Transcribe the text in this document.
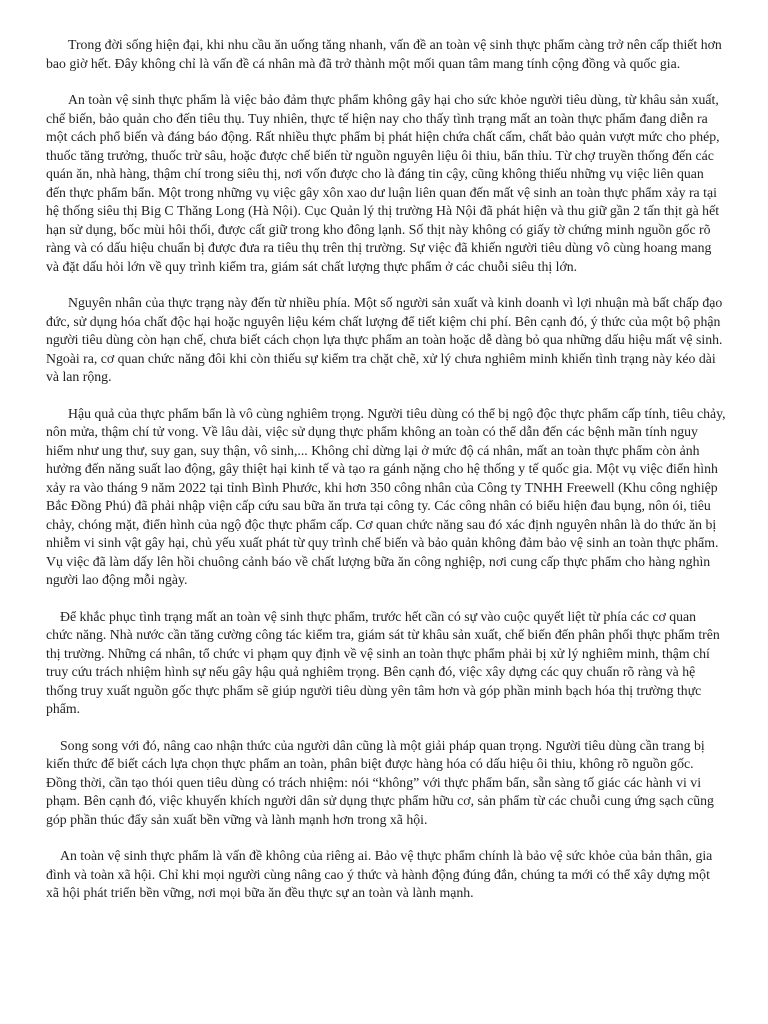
Trong đời sống hiện đại, khi nhu cầu ăn uống tăng nhanh, vấn đề an toàn vệ sinh thực phẩm càng trở nên cấp thiết hơn bao giờ hết. Đây không chỉ là vấn đề cá nhân mà đã trở thành một mối quan tâm mang tính cộng đồng và quốc gia.

An toàn vệ sinh thực phẩm là việc bảo đảm thực phẩm không gây hại cho sức khỏe người tiêu dùng, từ khâu sản xuất, chế biến, bảo quản cho đến tiêu thụ. Tuy nhiên, thực tế hiện nay cho thấy tình trạng mất an toàn thực phẩm đang diễn ra một cách phổ biến và đáng báo động. Rất nhiều thực phẩm bị phát hiện chứa chất cấm, chất bảo quản vượt mức cho phép, thuốc tăng trưởng, thuốc trừ sâu, hoặc được chế biến từ nguồn nguyên liệu ôi thiu, bẩn thỉu. Từ chợ truyền thống đến các quán ăn, nhà hàng, thậm chí trong siêu thị, nơi vốn được cho là đáng tin cậy, cũng không thiếu những vụ việc liên quan đến thực phẩm bẩn. Một trong những vụ việc gây xôn xao dư luận liên quan đến mất vệ sinh an toàn thực phẩm xảy ra tại hệ thống siêu thị Big C Thăng Long (Hà Nội). Cục Quản lý thị trường Hà Nội đã phát hiện và thu giữ gần 2 tấn thịt gà hết hạn sử dụng, bốc mùi hôi thối, được cất giữ trong kho đông lạnh. Số thịt này không có giấy tờ chứng minh nguồn gốc rõ ràng và có dấu hiệu chuẩn bị được đưa ra tiêu thụ trên thị trường. Sự việc đã khiến người tiêu dùng vô cùng hoang mang và đặt dấu hỏi lớn về quy trình kiểm tra, giám sát chất lượng thực phẩm ở các chuỗi siêu thị lớn.

Nguyên nhân của thực trạng này đến từ nhiều phía. Một số người sản xuất và kinh doanh vì lợi nhuận mà bất chấp đạo đức, sử dụng hóa chất độc hại hoặc nguyên liệu kém chất lượng để tiết kiệm chi phí. Bên cạnh đó, ý thức của một bộ phận người tiêu dùng còn hạn chế, chưa biết cách chọn lựa thực phẩm an toàn hoặc dễ dàng bỏ qua những dấu hiệu mất vệ sinh. Ngoài ra, cơ quan chức năng đôi khi còn thiếu sự kiểm tra chặt chẽ, xử lý chưa nghiêm minh khiến tình trạng này kéo dài và lan rộng.

Hậu quả của thực phẩm bẩn là vô cùng nghiêm trọng. Người tiêu dùng có thể bị ngộ độc thực phẩm cấp tính, tiêu chảy, nôn mửa, thậm chí tử vong. Về lâu dài, việc sử dụng thực phẩm không an toàn có thể dẫn đến các bệnh mãn tính nguy hiểm như ung thư, suy gan, suy thận, vô sinh,... Không chỉ dừng lại ở mức độ cá nhân, mất an toàn thực phẩm còn ảnh hưởng đến năng suất lao động, gây thiệt hại kinh tế và tạo ra gánh nặng cho hệ thống y tế quốc gia. Một vụ việc điển hình xảy ra vào tháng 9 năm 2022 tại tỉnh Bình Phước, khi hơn 350 công nhân của Công ty TNHH Freewell (Khu công nghiệp Bắc Đồng Phú) đã phải nhập viện cấp cứu sau bữa ăn trưa tại công ty. Các công nhân có biểu hiện đau bụng, nôn ói, tiêu chảy, chóng mặt, điển hình của ngộ độc thực phẩm cấp. Cơ quan chức năng sau đó xác định nguyên nhân là do thức ăn bị nhiễm vi sinh vật gây hại, chủ yếu xuất phát từ quy trình chế biến và bảo quản không đảm bảo vệ sinh an toàn thực phẩm. Vụ việc đã làm dấy lên hồi chuông cảnh báo về chất lượng bữa ăn công nghiệp, nơi cung cấp thực phẩm cho hàng nghìn người lao động mỗi ngày.

Để khắc phục tình trạng mất an toàn vệ sinh thực phẩm, trước hết cần có sự vào cuộc quyết liệt từ phía các cơ quan chức năng. Nhà nước cần tăng cường công tác kiểm tra, giám sát từ khâu sản xuất, chế biến đến phân phối thực phẩm trên thị trường. Những cá nhân, tổ chức vi phạm quy định về vệ sinh an toàn thực phẩm phải bị xử lý nghiêm minh, thậm chí truy cứu trách nhiệm hình sự nếu gây hậu quả nghiêm trọng. Bên cạnh đó, việc xây dựng các quy chuẩn rõ ràng và hệ thống truy xuất nguồn gốc thực phẩm sẽ giúp người tiêu dùng yên tâm hơn và góp phần minh bạch hóa thị trường thực phẩm.

Song song với đó, nâng cao nhận thức của người dân cũng là một giải pháp quan trọng. Người tiêu dùng cần trang bị kiến thức để biết cách lựa chọn thực phẩm an toàn, phân biệt được hàng hóa có dấu hiệu ôi thiu, không rõ nguồn gốc. Đồng thời, cần tạo thói quen tiêu dùng có trách nhiệm: nói “không” với thực phẩm bẩn, sẵn sàng tố giác các hành vi vi phạm. Bên cạnh đó, việc khuyến khích người dân sử dụng thực phẩm hữu cơ, sản phẩm từ các chuỗi cung ứng sạch cũng góp phần thúc đẩy sản xuất bền vững và lành mạnh hơn trong xã hội.

An toàn vệ sinh thực phẩm là vấn đề không của riêng ai. Bảo vệ thực phẩm chính là bảo vệ sức khỏe của bản thân, gia đình và toàn xã hội. Chỉ khi mọi người cùng nâng cao ý thức và hành động đúng đắn, chúng ta mới có thể xây dựng một xã hội phát triển bền vững, nơi mọi bữa ăn đều thực sự an toàn và lành mạnh.
